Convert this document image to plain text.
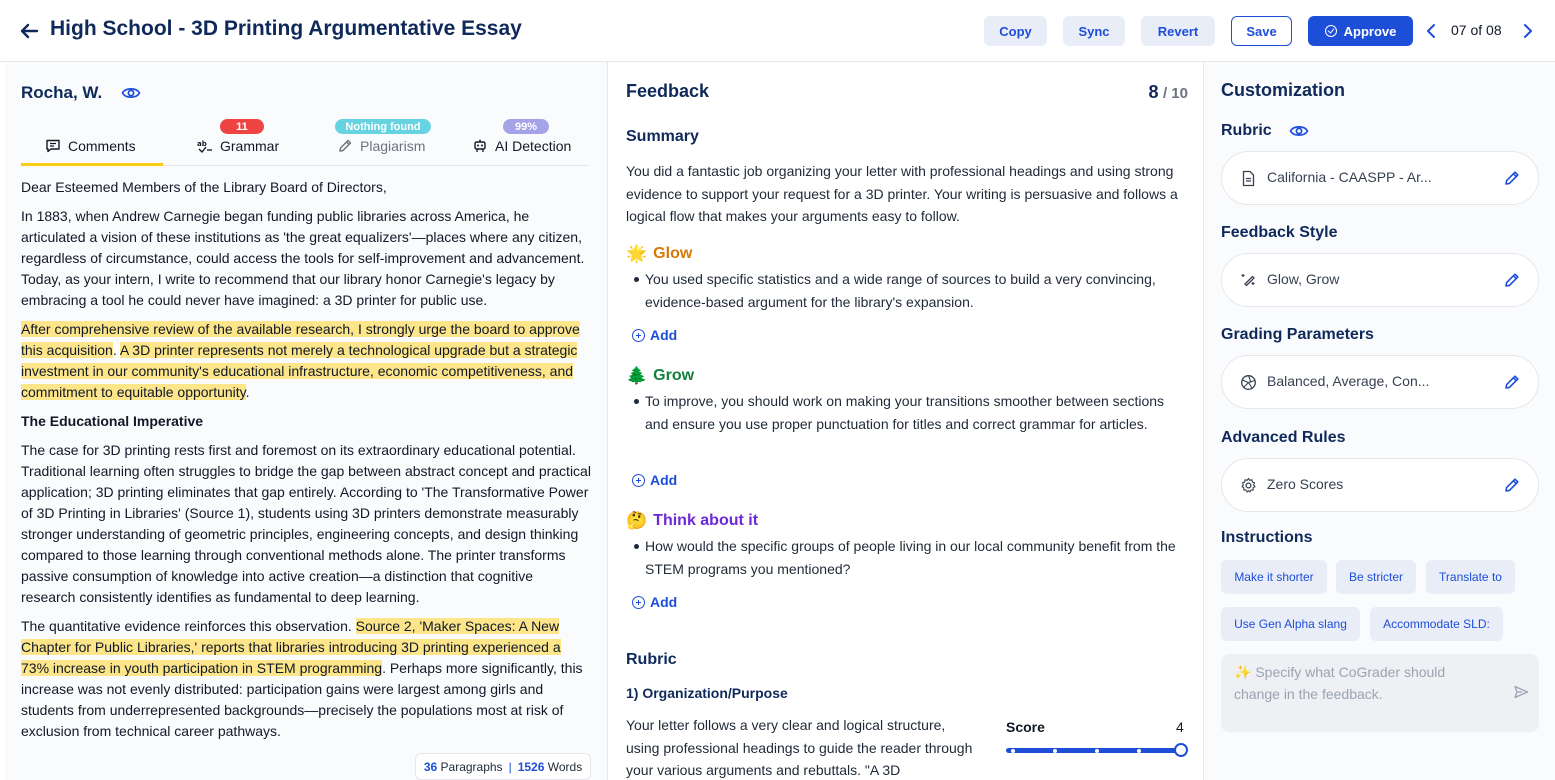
High School - 3D Printing Argumentative Essay	Copy	Sync	Revert	Save	Approve	07 of 08
Rocha, W.
Comments
11
ab Grammar
Nothing found
Plagiarism
99%
AI Detection

Dear Esteemed Members of the Library Board of Directors,

In 1883, when Andrew Carnegie began funding public libraries across America, he articulated a vision of these institutions as 'the great equalizers'—places where any citizen, regardless of circumstance, could access the tools for self-improvement and advancement. Today, as your intern, I write to recommend that our library honor Carnegie's legacy by embracing a tool he could never have imagined: a 3D printer for public use.

After comprehensive review of the available research, I strongly urge the board to approve this acquisition. A 3D printer represents not merely a technological upgrade but a strategic investment in our community's educational infrastructure, economic competitiveness, and commitment to equitable opportunity.

The Educational Imperative

The case for 3D printing rests first and foremost on its extraordinary educational potential. Traditional learning often struggles to bridge the gap between abstract concept and practical application; 3D printing eliminates that gap entirely. According to 'The Transformative Power of 3D Printing in Libraries' (Source 1), students using 3D printers demonstrate measurably stronger understanding of geometric principles, engineering concepts, and design thinking compared to those learning through conventional methods alone. The printer transforms passive consumption of knowledge into active creation—a distinction that cognitive research consistently identifies as fundamental to deep learning.

The quantitative evidence reinforces this observation. Source 2, 'Maker Spaces: A New Chapter for Public Libraries,' reports that libraries introducing 3D printing experienced a 73% increase in youth participation in STEM programming. Perhaps more significantly, this increase was not evenly distributed: participation gains were largest among girls and students from underrepresented backgrounds—precisely the populations most at risk of exclusion from technical career pathways.

36
Paragraphs | 1526
Words
Feedback	8 / 10
Summary
You did a fantastic job organizing your letter with professional headings and using strong evidence to support your request for a 3D printer. Your writing is persuasive and follows a logical flow that makes your arguments easy to follow.
🌟 Glow
You used specific statistics and a wide range of sources to build a very convincing, evidence-based argument for the library's expansion.
Add
🌲 Grow
To improve, you should work on making your transitions smoother between sections and ensure you use proper punctuation for titles and correct grammar for articles.
Add
🤔 Think about it
How would the specific groups of people living in our local community benefit from the STEM programs you mentioned?
Add
Rubric
1) Organization/Purpose
Your letter follows a very clear and logical structure, using professional headings to guide the reader through your various arguments and rebuttals. "A 3D
Score	4
Customization
Rubric
California - CAASPP - Ar...
Feedback Style
Glow, Grow
Grading Parameters
Balanced, Average, Con...
Advanced Rules
Zero Scores
Instructions
Make it shorter	Be stricter	Translate to
Use Gen Alpha slang	Accommodate SLD:
✨ Specify what CoGrader should change in the feedback.
